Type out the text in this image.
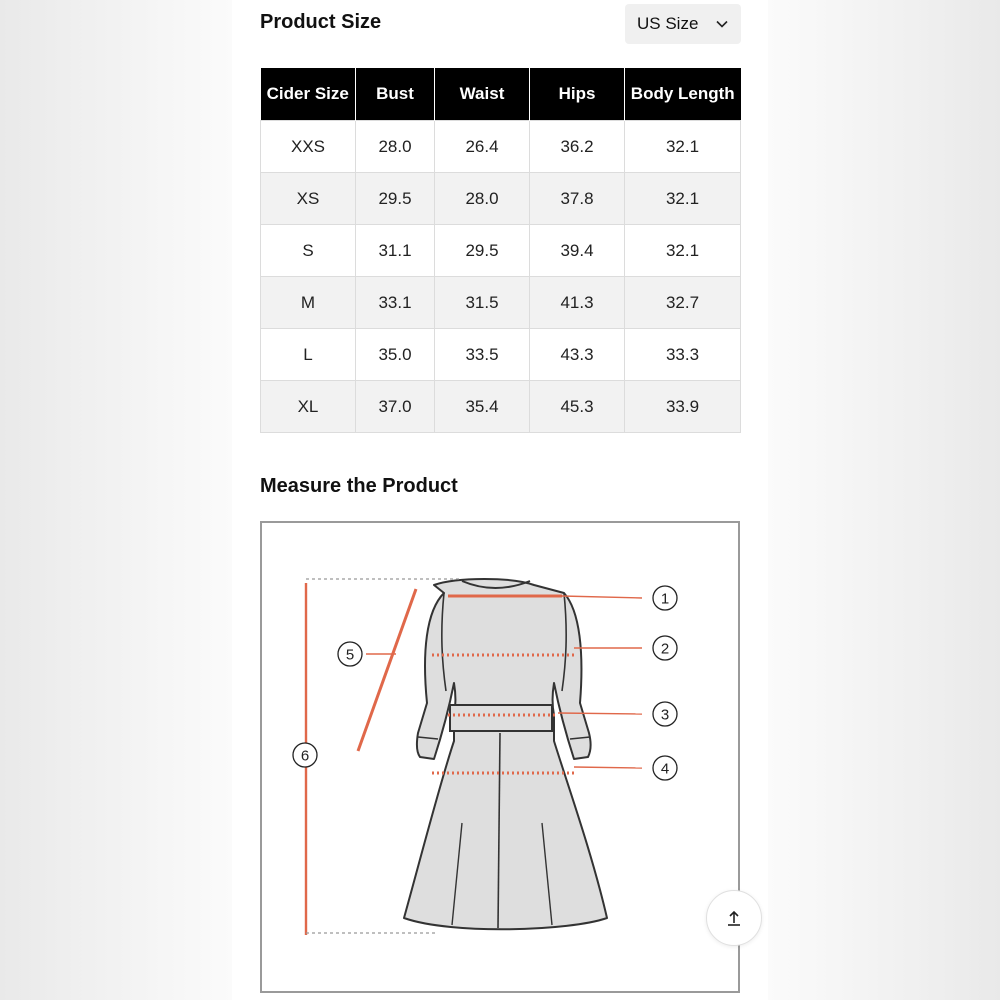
Product Size	US Size
Cider Size	Bust	Waist	Hips	Body Length
XXS	28.0	26.4	36.2	32.1
XS	29.5	28.0	37.8	32.1
S	31.1	29.5	39.4	32.1
M	33.1	31.5	41.3	32.7
L	35.0	33.5	43.3	33.3
XL	37.0	35.4	45.3	33.9
Measure the Product
1
2
3
4
5
6
